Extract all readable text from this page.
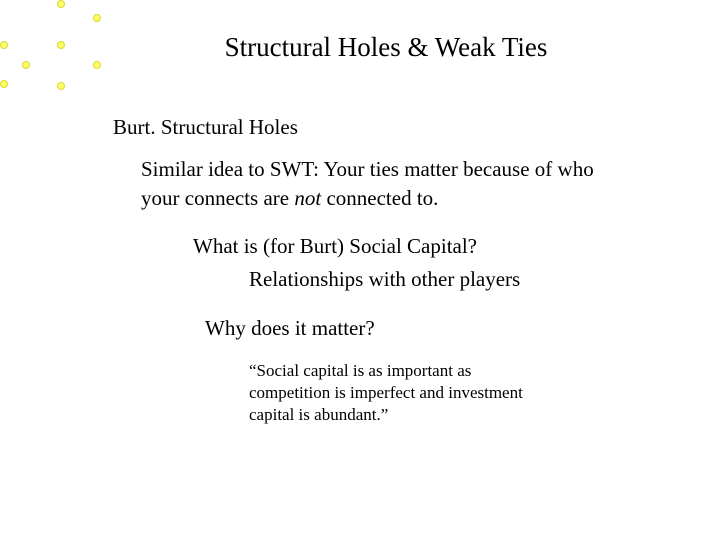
Structural Holes & Weak Ties
Burt. Structural Holes
Similar idea to SWT: Your ties matter because of who
your connects are not connected to.
What is (for Burt) Social Capital?
Relationships with other players
Why does it matter?
“Social capital is as important as
competition is imperfect and investment
capital is abundant.”
